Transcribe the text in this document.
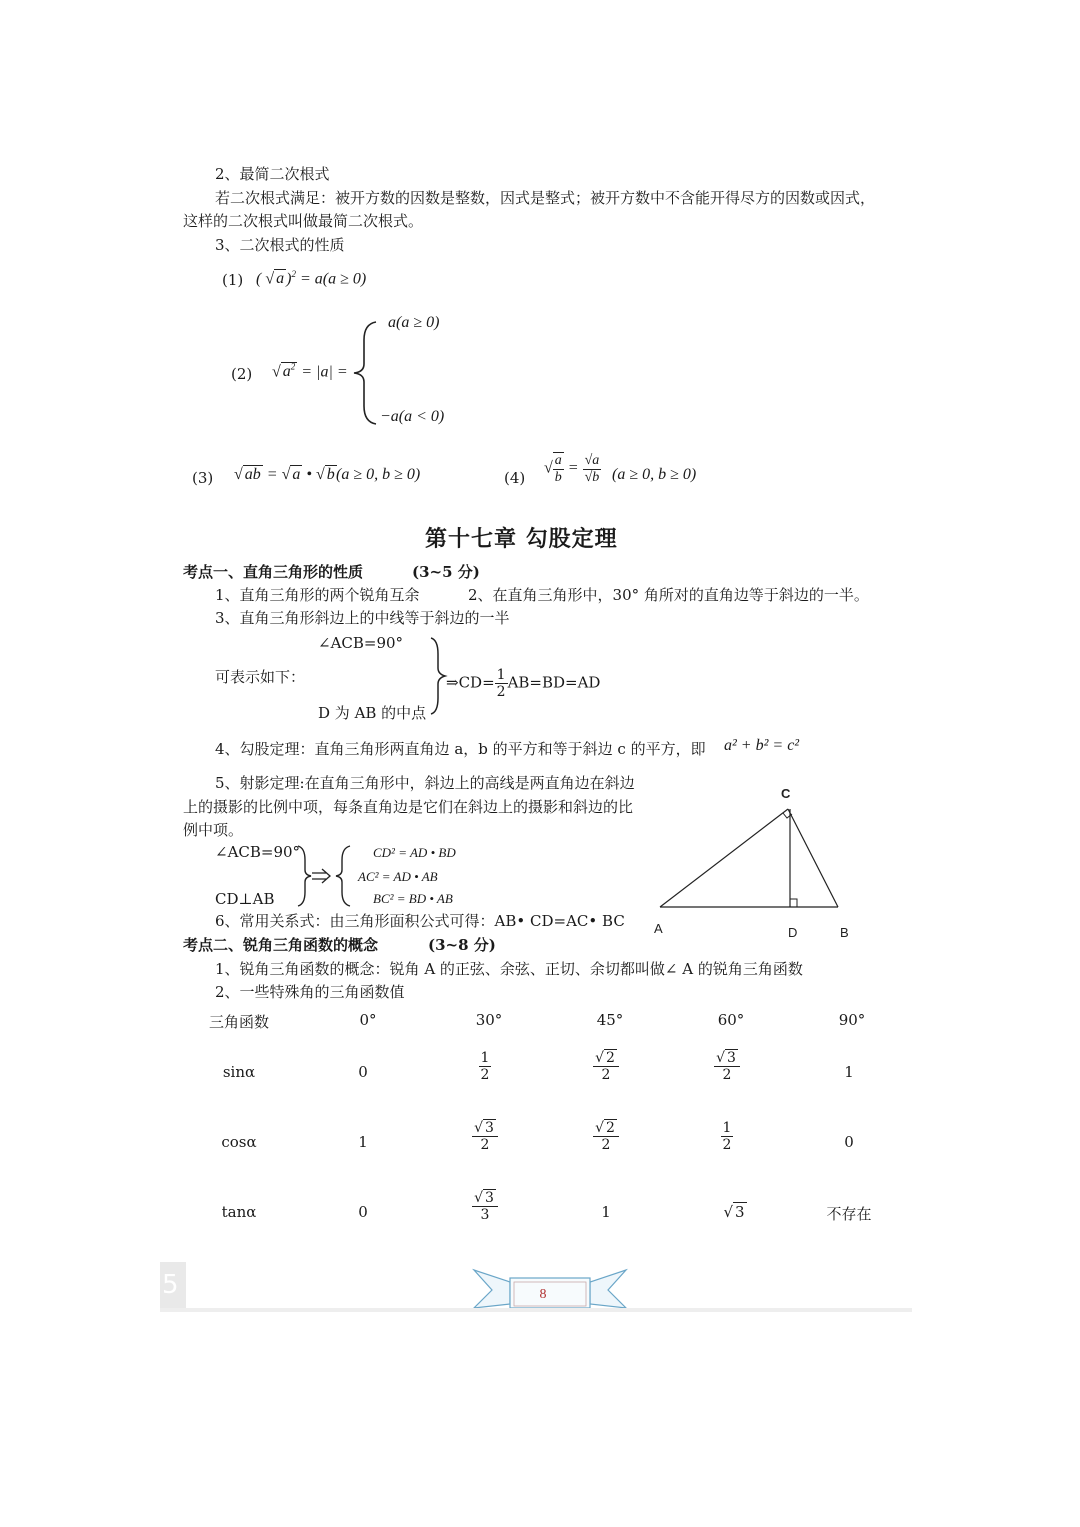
2、最简二次根式
若二次根式满足：被开方数的因数是整数，因式是整式；被开方数中不含能开得尽方的因数或因式，
这样的二次根式叫做最简二次根式。
3、二次根式的性质
(1) ( √ a )$^2$ = a(a ≥ 0)
(2) √ $a^2 = |a|$ =
a(a ≥ 0)
−a(a < 0)
(3) √ ab = √ a • √ b (a ≥ 0, b ≥ 0)	(4)
√ $\frac{a}{b} = \frac{√a}{√b} (a \ge 0$, b ≥ 0)
第十七章 勾股定理
考点一、直角三角形的性质	(3~5 分)
1、直角三角形的两个锐角互余	2、在直角三角形中，30° 角所对的直角边等于斜边的一半。
3、直角三角形斜边上的中线等于斜边的一半
∠ACB=90°
可表示如下：
D 为 AB 的中点
⇒CD= $\frac{1}{2} AB=BD=AD$
4、勾股定理：直角三角形两直角边 a，b 的平方和等于斜边 c 的平方，即 a² + b² = c²
5、射影定理:在直角三角形中，斜边上的高线是两直角边在斜边
上的摄影的比例中项，每条直角边是它们在斜边上的摄影和斜边的比
例中项。
∠ACB=90°
CD⊥AB
CD² = AD • BD
AC² = AD • AB
BC² = BD • AB
6、常用关系式：由三角形面积公式可得：AB• CD=AC• BC
C
A	D	B
考点二、锐角三角函数的概念	(3~8 分)
1、锐角三角函数的概念：锐角 A 的正弦、余弦、正切、余切都叫做∠ A 的锐角三角函数
2、一些特殊角的三角函数值
三角函数	0°	30°	45°	60°	90°
sinα	0	$\frac{1}{2}$	$\frac{√ 2}{2}$	$\frac{√ 3}{2}$	1
cosα	1	$\frac{√ 3}{2}$	$\frac{√ 2}{2}$	$\frac{1}{2}$	0
tanα	0	$\frac{√ 3}{3}$	1	√ 3	不存在
5	8
